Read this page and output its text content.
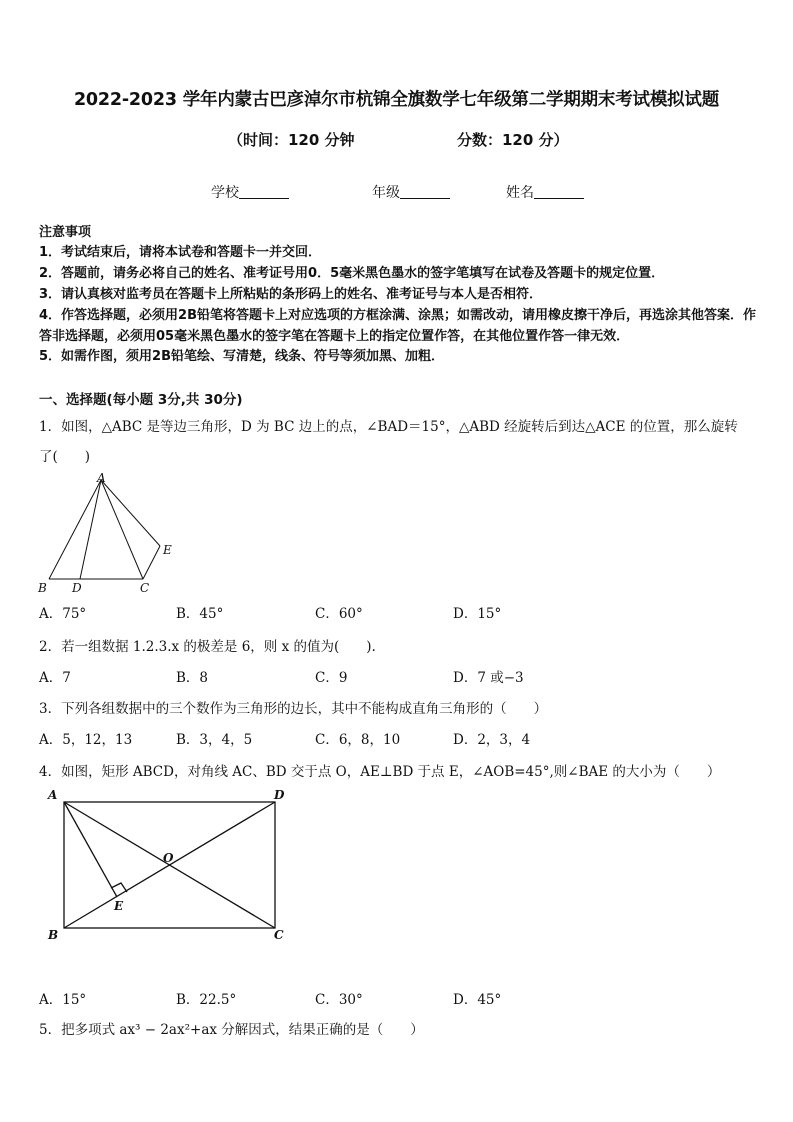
2022-2023 学年内蒙古巴彦淖尔市杭锦全旗数学七年级第二学期期末考试模拟试题
（时间：120 分钟	分数：120 分）
学校	年级	姓名
注意事项
1．考试结束后，请将本试卷和答题卡一并交回．
2．答题前，请务必将自己的姓名、准考证号用0．5毫米黑色墨水的签字笔填写在试卷及答题卡的规定位置．
3．请认真核对监考员在答题卡上所粘贴的条形码上的姓名、准考证号与本人是否相符．
4．作答选择题，必须用2B铅笔将答题卡上对应选项的方框涂满、涂黑；如需改动，请用橡皮擦干净后，再选涂其他答案．作答非选择题，必须用05毫米黑色墨水的签字笔在答题卡上的指定位置作答，在其他位置作答一律无效．
5．如需作图，须用2B铅笔绘、写清楚，线条、符号等须加黑、加粗．
一、选择题(每小题 3分,共 30分)
1．如图，△ABC 是等边三角形，D 为 BC 边上的点，∠BAD＝15°，△ABD 经旋转后到达△ACE 的位置，那么旋转
了(　　)
A
B D	C
E
A．75°	B．45°	C．60°	D．15°
2．若一组数据 1.2.3.x 的极差是 6，则 x 的值为(　　).
A．7	B．8	C．9	D．7 或−3
3．下列各组数据中的三个数作为三角形的边长，其中不能构成直角三角形的（　　）
A．5，12，13	B．3，4，5	C．6，8，10	D．2，3，4
4．如图，矩形 ABCD，对角线 AC、BD 交于点 O，AE⊥BD 于点 E，∠AOB=45°,则∠BAE 的大小为（　　）
A	D
O
E
B	C
A．15°	B．22.5°	C．30°	D．45°
5．把多项式 ax³ − 2ax²+ax 分解因式，结果正确的是（　　）
